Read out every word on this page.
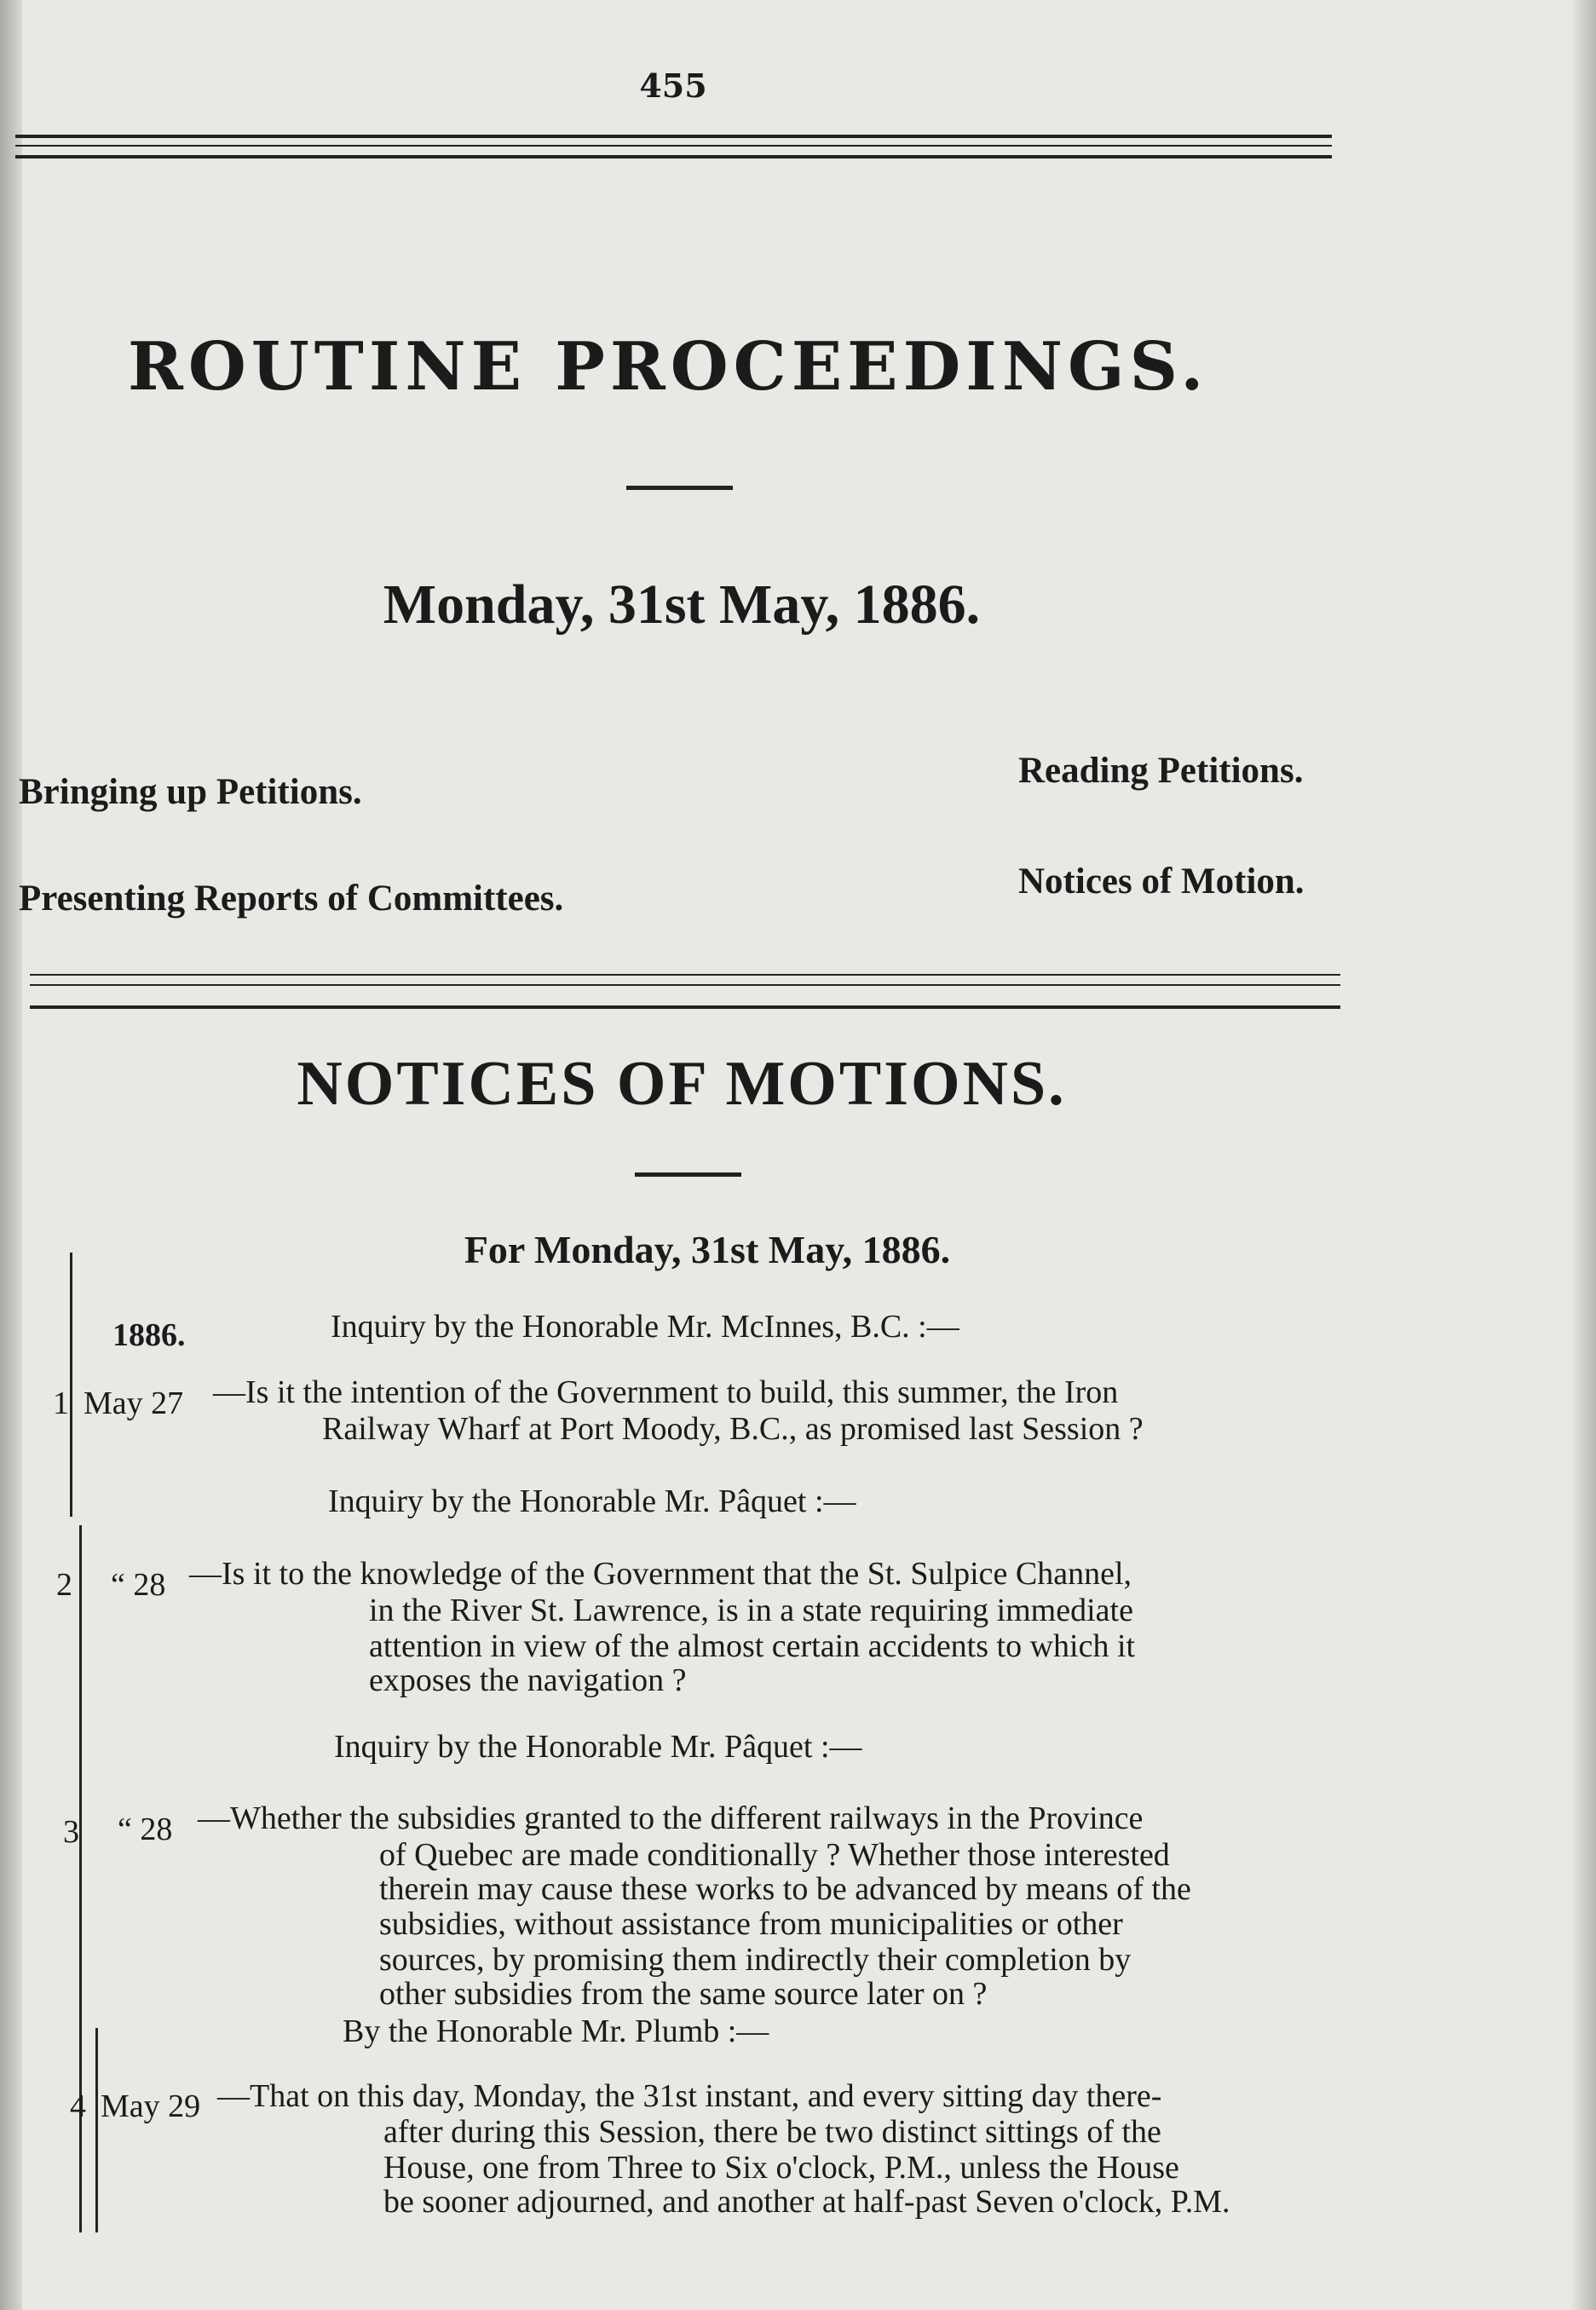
455
ROUTINE PROCEEDINGS.
Monday, 31st May, 1886.
Bringing up Petitions.
Reading Petitions.
Presenting Reports of Committees.	Notices of Motion.
NOTICES OF MOTIONS.
For Monday, 31st May, 1886.
1886.	Inquiry by the Honorable Mr. McInnes, B.C. :—
1 May 27 —Is it the intention of the Government to build, this summer, the Iron
Railway Wharf at Port Moody, B.C., as promised last Session ?
Inquiry by the Honorable Mr. Pâquet :—
2 “ 28 —Is it to the knowledge of the Government that the St. Sulpice Channel,
in the River St. Lawrence, is in a state requiring immediate
attention in view of the almost certain accidents to which it
exposes the navigation ?
Inquiry by the Honorable Mr. Pâquet :—
3 “ 28 —Whether the subsidies granted to the different railways in the Province
of Quebec are made conditionally ? Whether those interested
therein may cause these works to be advanced by means of the
subsidies, without assistance from municipalities or other
sources, by promising them indirectly their completion by
other subsidies from the same source later on ?
By the Honorable Mr. Plumb :—
4 May 29 —That on this day, Monday, the 31st instant, and every sitting day there-
after during this Session, there be two distinct sittings of the
House, one from Three to Six o'clock, P.M., unless the House
be sooner adjourned, and another at half-past Seven o'clock, P.M.
